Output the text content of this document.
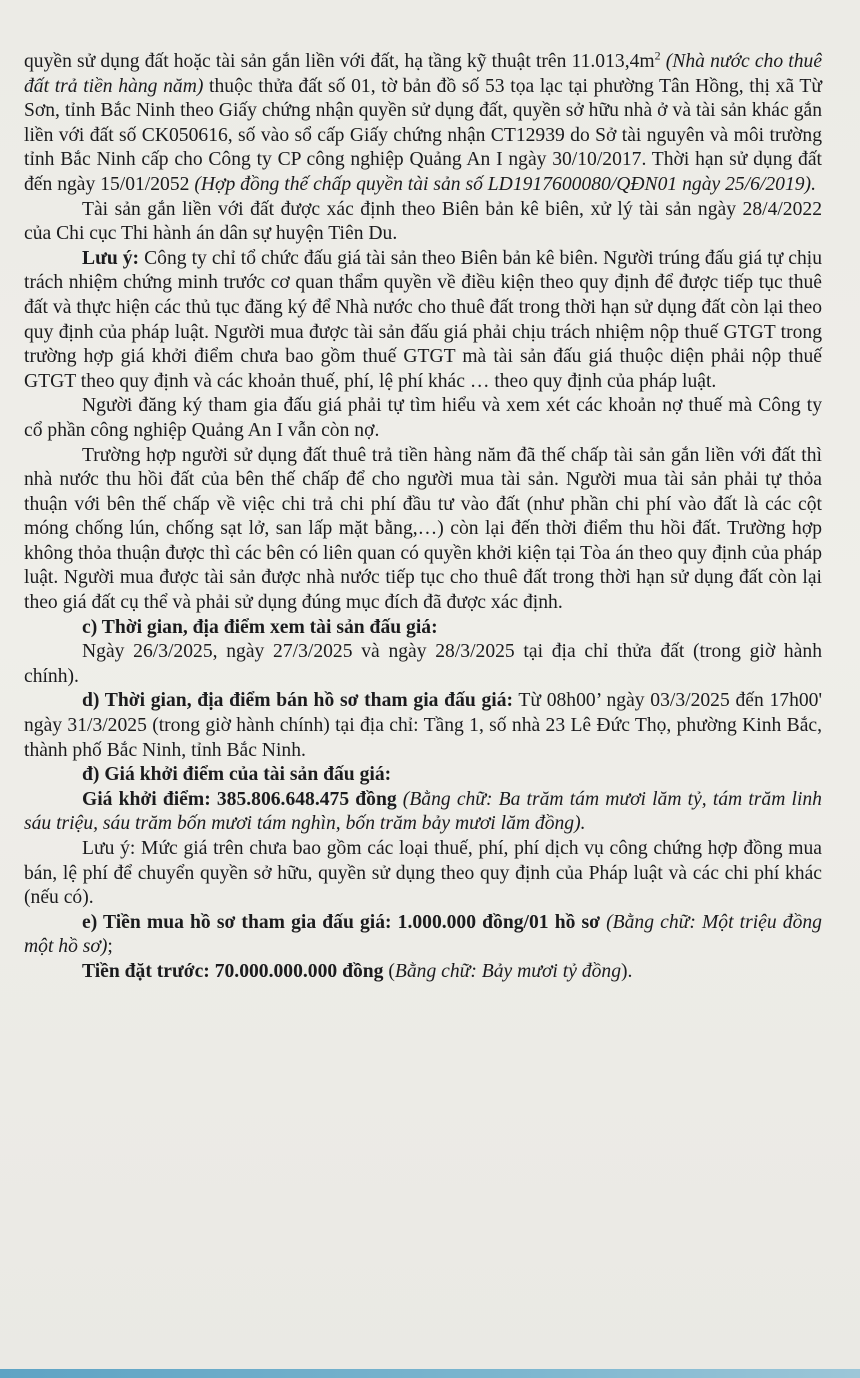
quyền sử dụng đất hoặc tài sản gắn liền với đất, hạ tầng kỹ thuật trên $11.013,4m^2$ (Nhà nước cho thuê đất trả tiền hàng năm) thuộc thửa đất số 01, tờ bản đồ số 53 tọa lạc tại phường Tân Hồng, thị xã Từ Sơn, tỉnh Bắc Ninh theo Giấy chứng nhận quyền sử dụng đất, quyền sở hữu nhà ở và tài sản khác gắn liền với đất số CK050616, số vào sổ cấp Giấy chứng nhận CT12939 do Sở tài nguyên và môi trường tỉnh Bắc Ninh cấp cho Công ty CP công nghiệp Quảng An I ngày 30/10/2017. Thời hạn sử dụng đất đến ngày 15/01/2052 (Hợp đồng thế chấp quyền tài sản số LD1917600080/QĐN01 ngày 25/6/2019).

Tài sản gắn liền với đất được xác định theo Biên bản kê biên, xử lý tài sản ngày 28/4/2022 của Chi cục Thi hành án dân sự huyện Tiên Du.

Lưu ý: Công ty chỉ tổ chức đấu giá tài sản theo Biên bản kê biên. Người trúng đấu giá tự chịu trách nhiệm chứng minh trước cơ quan thẩm quyền về điều kiện theo quy định để được tiếp tục thuê đất và thực hiện các thủ tục đăng ký để Nhà nước cho thuê đất trong thời hạn sử dụng đất còn lại theo quy định của pháp luật. Người mua được tài sản đấu giá phải chịu trách nhiệm nộp thuế GTGT trong trường hợp giá khởi điểm chưa bao gồm thuế GTGT mà tài sản đấu giá thuộc diện phải nộp thuế GTGT theo quy định và các khoản thuế, phí, lệ phí khác … theo quy định của pháp luật.

Người đăng ký tham gia đấu giá phải tự tìm hiểu và xem xét các khoản nợ thuế mà Công ty cổ phần công nghiệp Quảng An I vẫn còn nợ.

Trường hợp người sử dụng đất thuê trả tiền hàng năm đã thế chấp tài sản gắn liền với đất thì nhà nước thu hồi đất của bên thế chấp để cho người mua tài sản. Người mua tài sản phải tự thỏa thuận với bên thế chấp về việc chi trả chi phí đầu tư vào đất (như phần chi phí vào đất là các cột móng chống lún, chống sạt lở, san lấp mặt bằng,…) còn lại đến thời điểm thu hồi đất. Trường hợp không thỏa thuận được thì các bên có liên quan có quyền khởi kiện tại Tòa án theo quy định của pháp luật. Người mua được tài sản được nhà nước tiếp tục cho thuê đất trong thời hạn sử dụng đất còn lại theo giá đất cụ thể và phải sử dụng đúng mục đích đã được xác định.

c) Thời gian, địa điểm xem tài sản đấu giá:

Ngày 26/3/2025, ngày 27/3/2025 và ngày 28/3/2025 tại địa chỉ thửa đất (trong giờ hành chính).

d) Thời gian, địa điểm bán hồ sơ tham gia đấu giá: Từ 08h00’ ngày 03/3/2025 đến 17h00' ngày 31/3/2025 (trong giờ hành chính) tại địa chỉ: Tầng 1, số nhà 23 Lê Đức Thọ, phường Kinh Bắc, thành phố Bắc Ninh, tỉnh Bắc Ninh.

đ) Giá khởi điểm của tài sản đấu giá:

Giá khởi điểm: 385.806.648.475 đồng (Bằng chữ: Ba trăm tám mươi lăm tỷ, tám trăm linh sáu triệu, sáu trăm bốn mươi tám nghìn, bốn trăm bảy mươi lăm đồng).

Lưu ý: Mức giá trên chưa bao gồm các loại thuế, phí, phí dịch vụ công chứng hợp đồng mua bán, lệ phí để chuyển quyền sở hữu, quyền sử dụng theo quy định của Pháp luật và các chi phí khác (nếu có).

e) Tiền mua hồ sơ tham gia đấu giá: 1.000.000 đồng/01 hồ sơ (Bằng chữ: Một triệu đồng một hồ sơ);

Tiền đặt trước: 70.000.000.000 đồng (Bằng chữ: Bảy mươi tỷ đồng).
